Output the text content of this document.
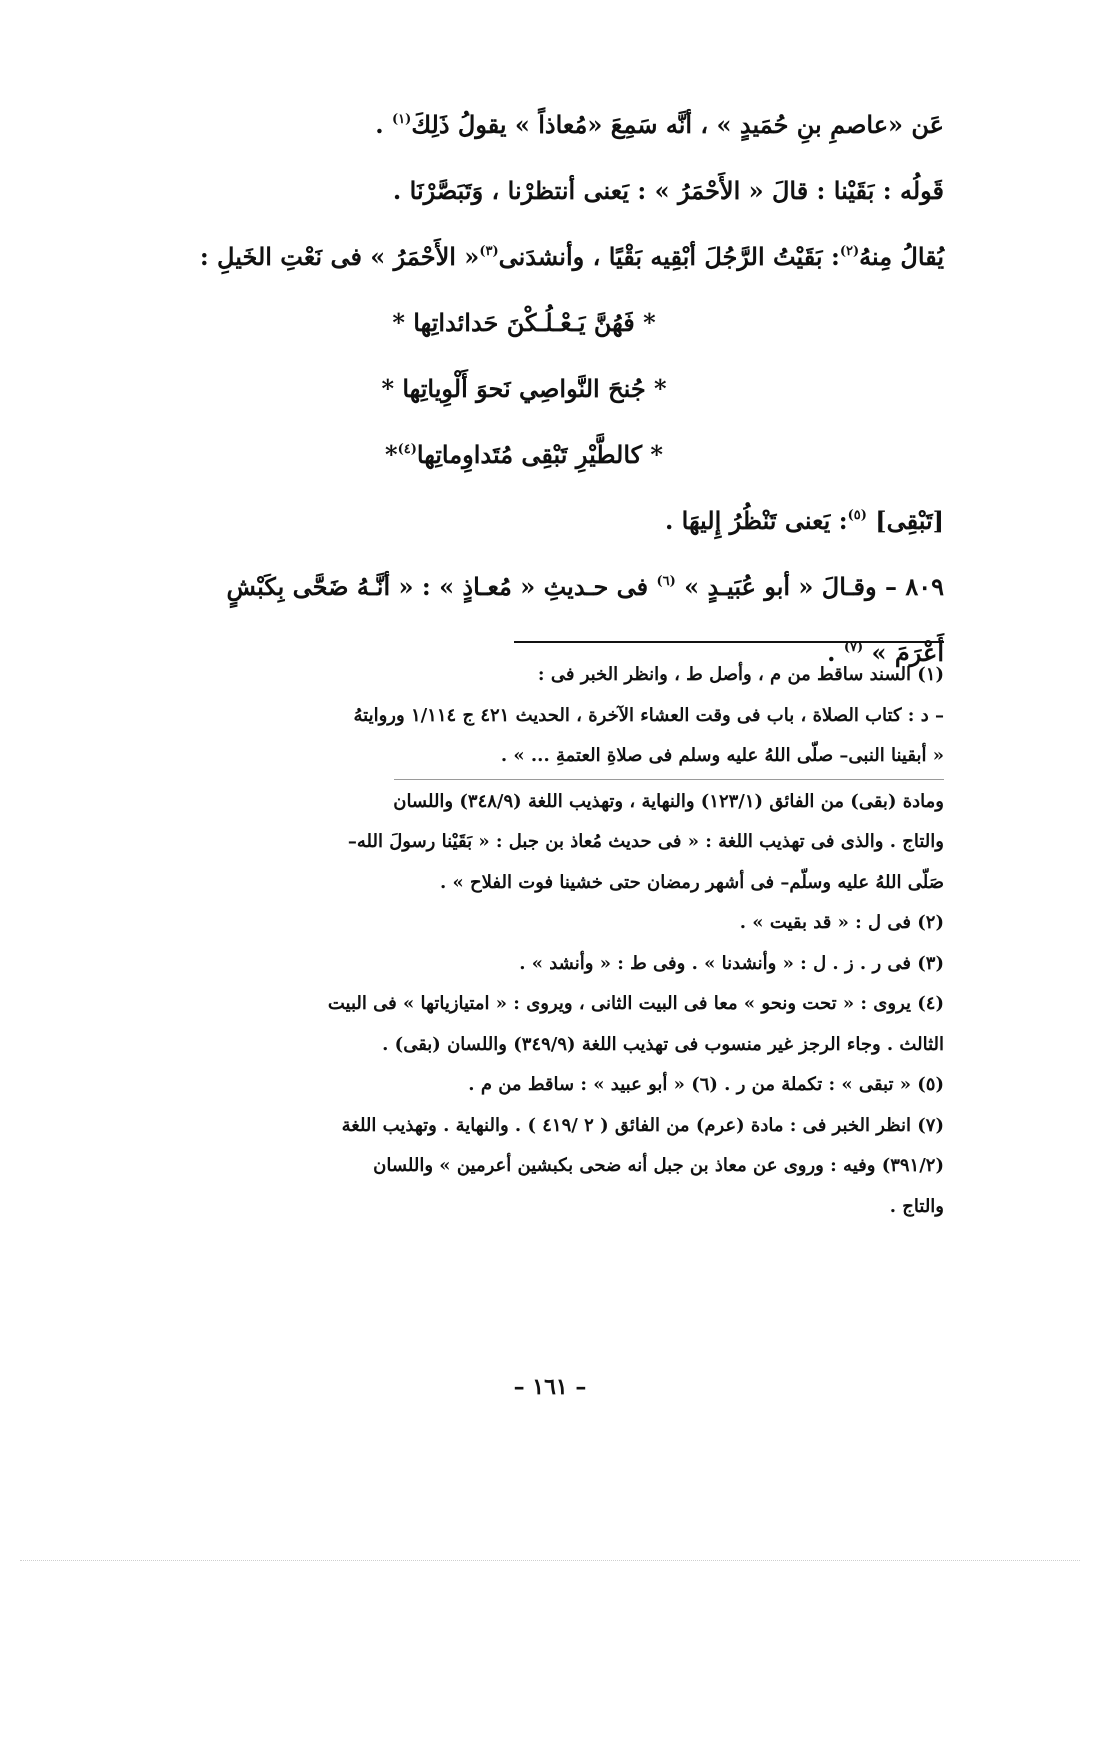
عَن «عاصمِ بنِ حُمَيدٍ » ، أنَّه سَمِعَ «مُعاذاً » يقولُ ذَلِكَ$^{(١)}$ .

قَولُه : بَقَيْنا : قالَ « الأَحْمَرُ » : يَعنى أنتظرْنا ، وَتَبَصَّرْنَا .

يُقالُ مِنهُ$^{(٢)}$: بَقَيْتُ الرَّجُلَ أبْقِيه بَقْيًا ، وأنشدَنى$^{(٣)}$« الأَحْمَرُ » فى نَعْتِ الخَيلِ :

* فَهُنَّ يَـعْـلُـكْنَ حَدائداتِها *

* جُنحَ النَّواصِي نَحوَ أَلْوِياتِها *

* كالطَّيْرِ تَبْقِى مُتَداوِماتِها$^{(٤)}$*

[تَبْقِى] $^{(٥)}$: يَعنى تَنْظُرُ إِليهَا .

٨٠٩ – وقـالَ « أبو عُبَيـدٍ » $^{(٦)}$ فى حـديثِ « مُعـاذٍ » : « أنَّـهُ ضَحَّى بِكَبْشٍ

أَعْرَمَ » $^{(٧)}$ .

(١) السند ساقط من م ، وأصل ط ، وانظر الخبر فى :

– د : كتاب الصلاة ، باب فى وقت العشاء الآخرة ، الحديث ٤٢١ ج ١/١١٤ وروايتهُ

« أبقينا النبى– صلّى اللهُ عليه وسلم فى صلاةِ العتمةِ ... » .

ومادة (بقى) من الفائق (١٢٣/١) والنهاية ، وتهذيب اللغة (٣٤٨/٩) واللسان

والتاج . والذى فى تهذيب اللغة : « فى حديث مُعاذ بن جبل : « بَقَيْنا رسولَ الله–

صَلّى اللهُ عليه وسلّم– فى أشهر رمضان حتى خشينا فوت الفلاح » .

(٢) فى ل : « قد بقيت » .

(٣) فى ر . ز . ل : « وأنشدنا » . وفى ط : « وأنشد » .

(٤) يروى : « تحت ونحو » معا فى البيت الثانى ، ويروى : « امتيازياتها » فى البيت

الثالث . وجاء الرجز غير منسوب فى تهذيب اللغة (٣٤٩/٩) واللسان (بقى) .

(٥) « تبقى » : تكملة من ر . (٦) « أبو عبيد » : ساقط من م .

(٧) انظر الخبر فى : مادة (عرم) من الفائق ( ٢ /٤١٩ ) . والنهاية . وتهذيب اللغة

(٣٩١/٢) وفيه : وروى عن معاذ بن جبل أنه ضحى بكبشين أعرمين » واللسان

والتاج .

– ١٦١ –
